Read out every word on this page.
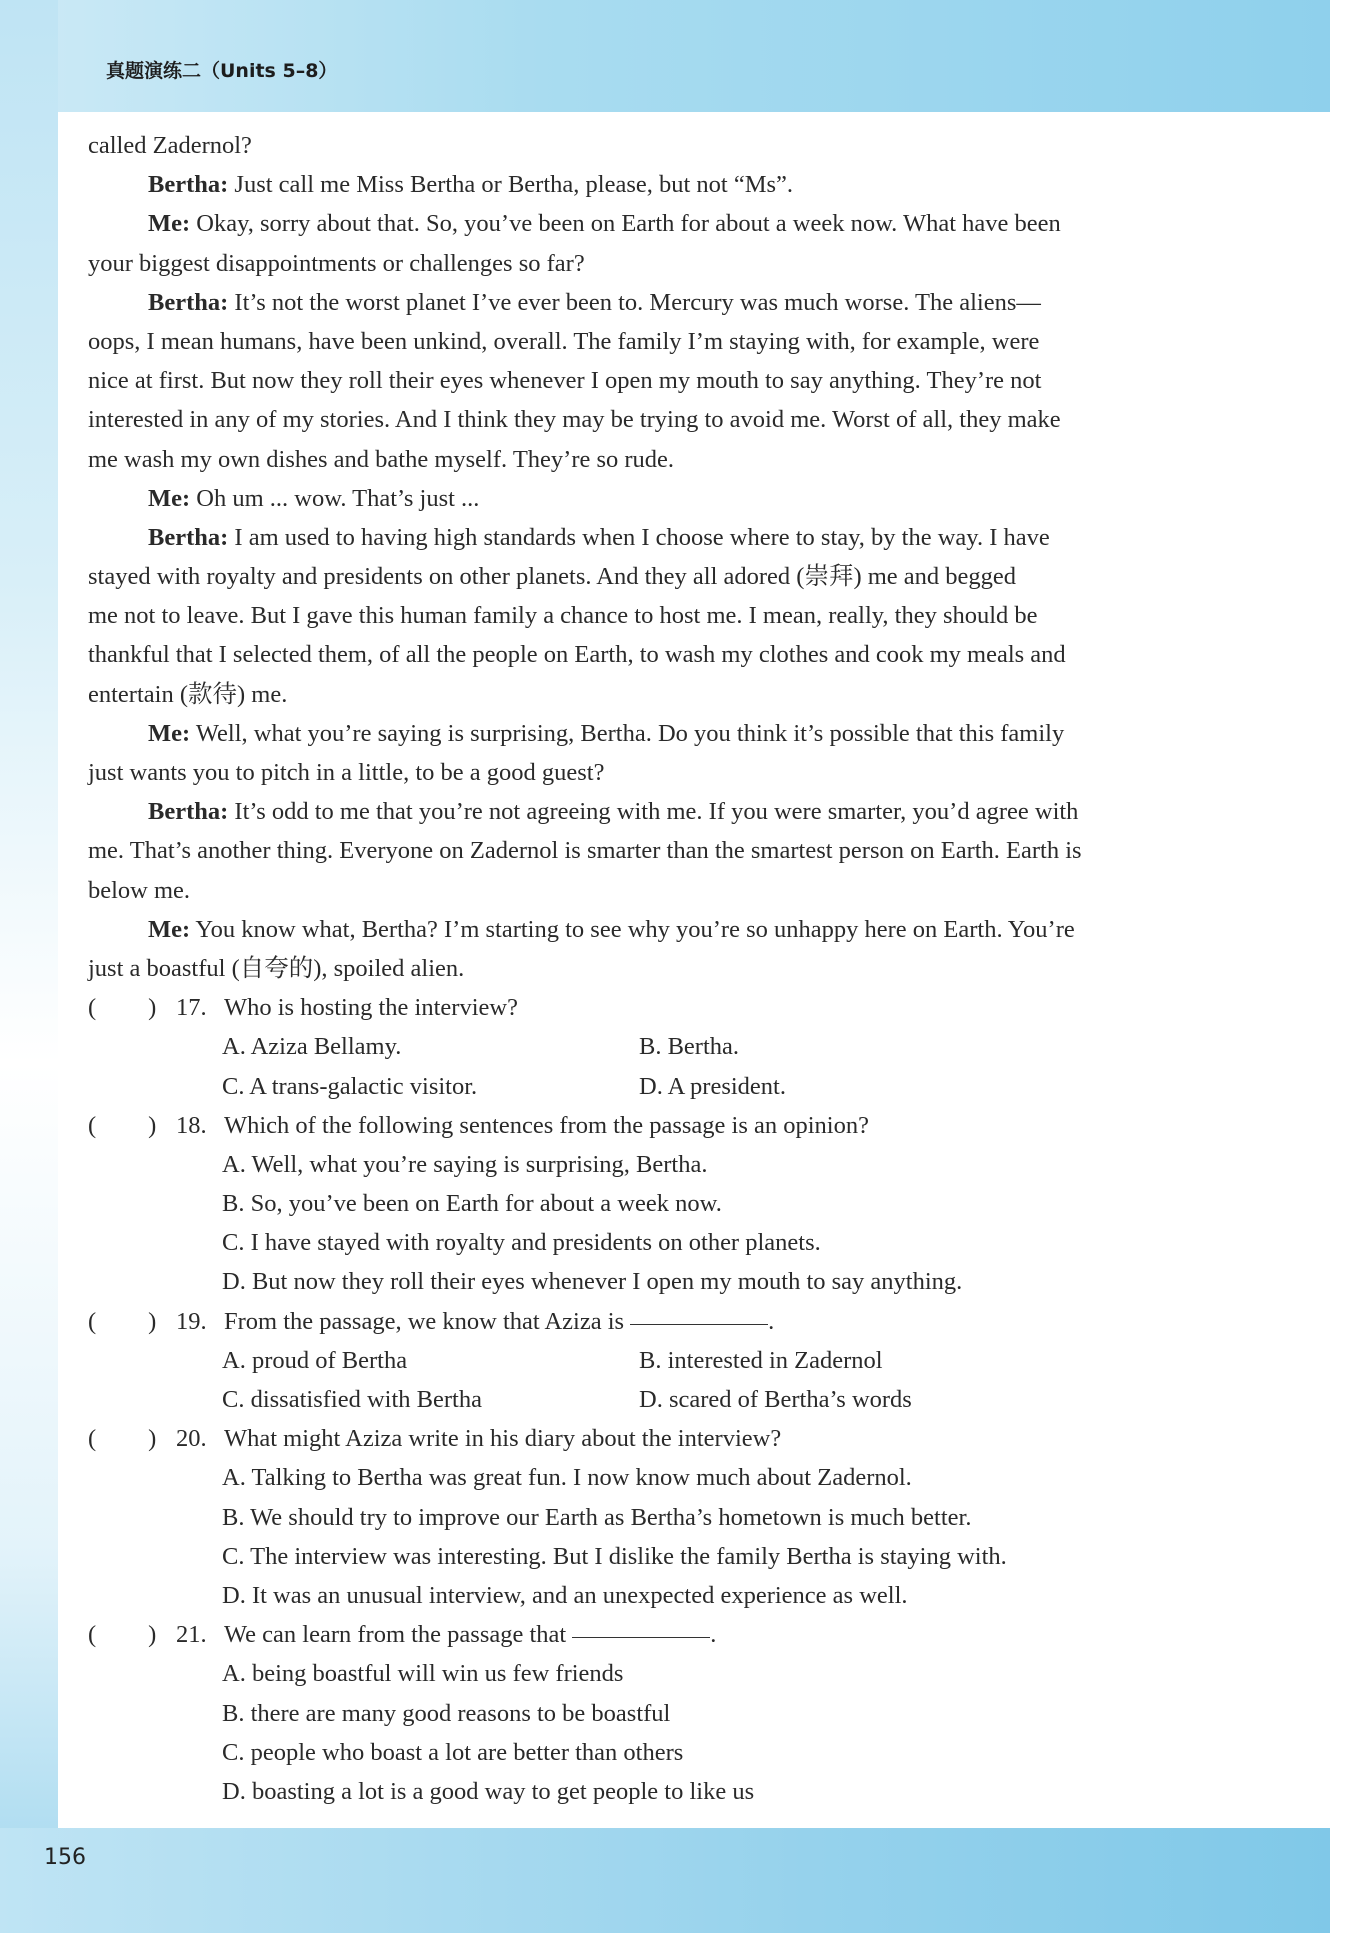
真题演练二（Units 5–8）
called Zadernol?
Bertha: Just call me Miss Bertha or Bertha, please, but not “Ms”.
Me: Okay, sorry about that. So, you’ve been on Earth for about a week now. What have been
your biggest disappointments or challenges so far?
Bertha: It’s not the worst planet I’ve ever been to. Mercury was much worse. The aliens—
oops, I mean humans, have been unkind, overall. The family I’m staying with, for example, were
nice at first. But now they roll their eyes whenever I open my mouth to say anything. They’re not
interested in any of my stories. And I think they may be trying to avoid me. Worst of all, they make
me wash my own dishes and bathe myself. They’re so rude.
Me: Oh um ... wow. That’s just ...
Bertha: I am used to having high standards when I choose where to stay, by the way. I have
stayed with royalty and presidents on other planets. And they all adored (崇拜) me and begged
me not to leave. But I gave this human family a chance to host me. I mean, really, they should be
thankful that I selected them, of all the people on Earth, to wash my clothes and cook my meals and
entertain (款待) me.
Me: Well, what you’re saying is surprising, Bertha. Do you think it’s possible that this family
just wants you to pitch in a little, to be a good guest?
Bertha: It’s odd to me that you’re not agreeing with me. If you were smarter, you’d agree with
me. That’s another thing. Everyone on Zadernol is smarter than the smartest person on Earth. Earth is
below me.
Me: You know what, Bertha? I’m starting to see why you’re so unhappy here on Earth. You’re
just a boastful (自夸的), spoiled alien.
( ) 17. Who is hosting the interview?
A. Aziza Bellamy.	B. Bertha.
C. A trans-galactic visitor.	D. A president.
( ) 18. Which of the following sentences from the passage is an opinion?
A. Well, what you’re saying is surprising, Bertha.
B. So, you’ve been on Earth for about a week now.
C. I have stayed with royalty and presidents on other planets.
D. But now they roll their eyes whenever I open my mouth to say anything.
( ) 19. From the passage, we know that Aziza is	.
A. proud of Bertha	B. interested in Zadernol
C. dissatisfied with Bertha	D. scared of Bertha’s words
( ) 20. What might Aziza write in his diary about the interview?
A. Talking to Bertha was great fun. I now know much about Zadernol.
B. We should try to improve our Earth as Bertha’s hometown is much better.
C. The interview was interesting. But I dislike the family Bertha is staying with.
D. It was an unusual interview, and an unexpected experience as well.
( ) 21. We can learn from the passage that	.
A. being boastful will win us few friends
B. there are many good reasons to be boastful
C. people who boast a lot are better than others
D. boasting a lot is a good way to get people to like us
156
